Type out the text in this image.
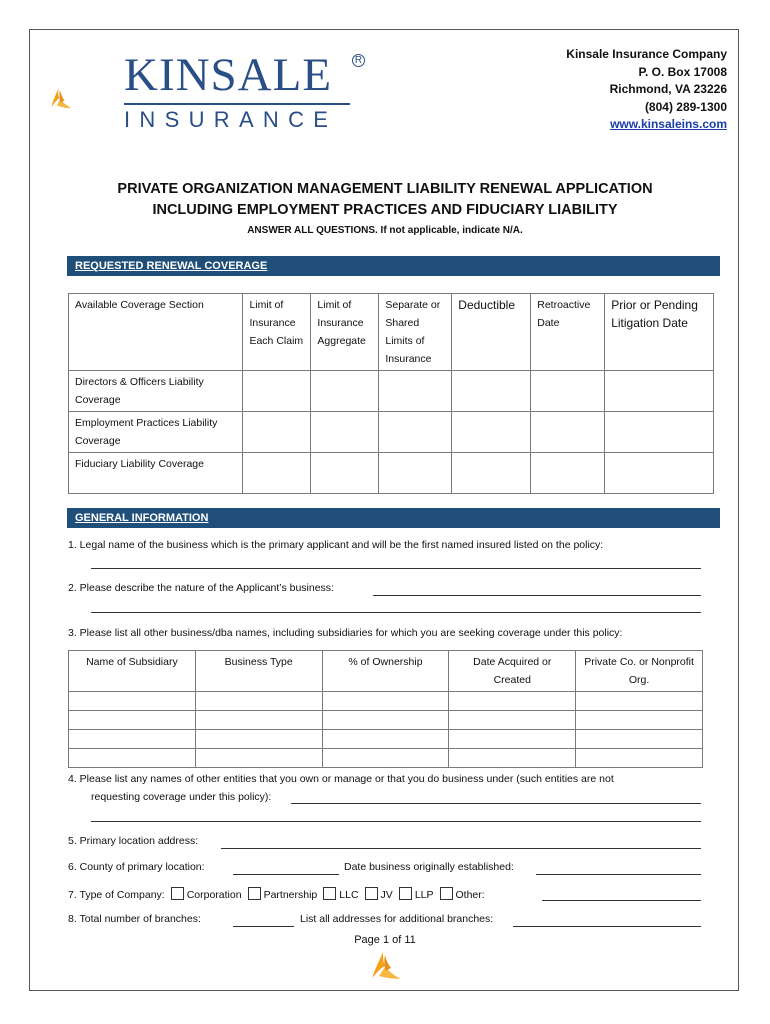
KINSALE R
INSURANCE
Kinsale Insurance Company
P. O. Box 17008
Richmond, VA 23226
(804) 289-1300
www.kinsaleins.com
PRIVATE ORGANIZATION MANAGEMENT LIABILITY RENEWAL APPLICATION
INCLUDING EMPLOYMENT PRACTICES AND FIDUCIARY LIABILITY
ANSWER ALL QUESTIONS. If not applicable, indicate N/A.
REQUESTED RENEWAL COVERAGE
Available Coverage Section	Limit of Insurance Each Claim	Limit of Insurance Aggregate	Separate or Shared Limits of Insurance	Deductible	Retroactive Date	Prior or Pending Litigation Date
Directors & Officers Liability Coverage						
Employment Practices Liability Coverage						
Fiduciary Liability Coverage						
GENERAL INFORMATION
1. Legal name of the business which is the primary applicant and will be the first named insured listed on the policy:
2. Please describe the nature of the Applicant’s business:
3. Please list all other business/dba names, including subsidiaries for which you are seeking coverage under this policy:
Name of Subsidiary	Business Type	% of Ownership	Date Acquired or Created	Private Co. or Nonprofit Org.

4. Please list any names of other entities that you own or manage or that you do business under (such entities are not
requesting coverage under this policy):
5. Primary location address:
6. County of primary location:	Date business originally established:
7. Type of Company: Corporation Partnership LLC JV LLP Other:
8. Total number of branches:	List all addresses for additional branches:
Page 1 of 11
